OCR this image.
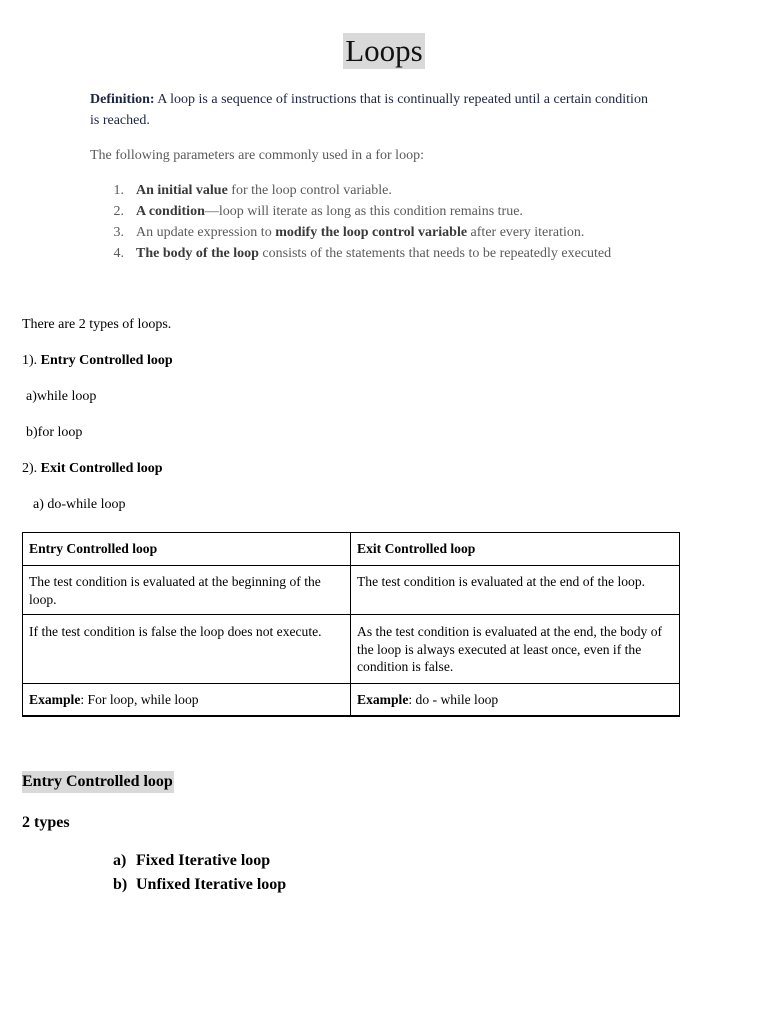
Loops
Definition: A loop is a sequence of instructions that is continually repeated until a certain condition is reached.
The following parameters are commonly used in a for loop:
1. An initial value for the loop control variable.
2. A condition—loop will iterate as long as this condition remains true.
3. An update expression to modify the loop control variable after every iteration.
4. The body of the loop consists of the statements that needs to be repeatedly executed
There are 2 types of loops.
1). Entry Controlled loop
a)while loop
b)for loop
2). Exit Controlled loop
a) do-while loop
Entry Controlled loop	Exit Controlled loop
The test condition is evaluated at the beginning of the loop.	The test condition is evaluated at the end of the loop.
If the test condition is false the loop does not execute.	As the test condition is evaluated at the end, the body of the loop is always executed at least once, even if the condition is false.
Example: For loop, while loop	Example: do - while loop
Entry Controlled loop
2 types
a) Fixed Iterative loop
b) Unfixed Iterative loop
